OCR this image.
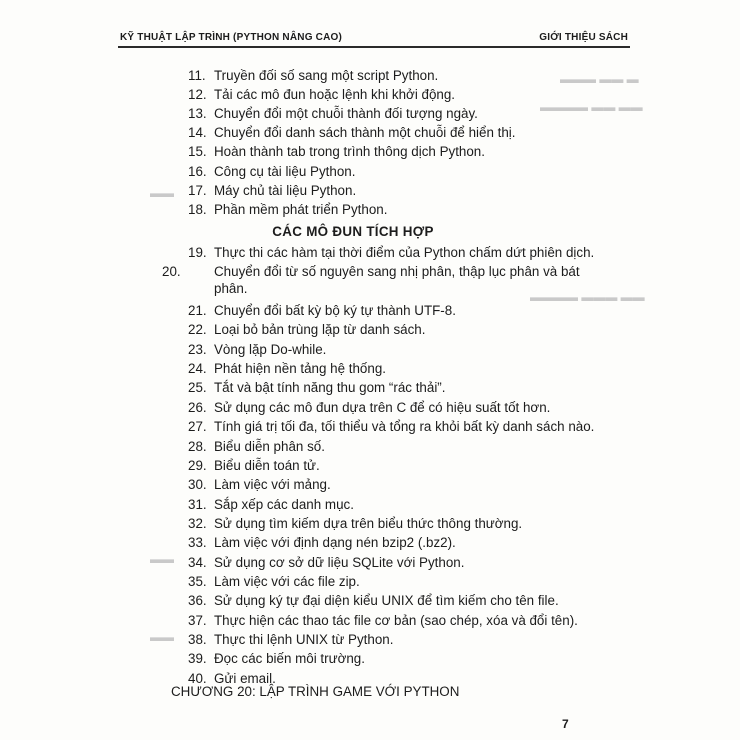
▬▬▬ ▬▬ ▬
▬▬▬▬ ▬▬ ▬▬
▬▬
▬▬▬▬ ▬▬▬ ▬▬
▬▬
▬▬
KỸ THUẬT LẬP TRÌNH (PYTHON NÂNG CAO)	GIỚI THIỆU SÁCH
11. Truyền đối số sang một script Python.
12. Tải các mô đun hoặc lệnh khi khởi động.
13. Chuyển đổi một chuỗi thành đối tượng ngày.
14. Chuyển đổi danh sách thành một chuỗi để hiển thị.
15. Hoàn thành tab trong trình thông dịch Python.
16. Công cụ tài liệu Python.
17. Máy chủ tài liệu Python.
18. Phần mềm phát triển Python.
CÁC MÔ ĐUN TÍCH HỢP
19. Thực thi các hàm tại thời điểm của Python chấm dứt phiên dịch.
20. Chuyển đổi từ số nguyên sang nhị phân, thập lục phân và bát phân.
21. Chuyển đổi bất kỳ bộ ký tự thành UTF-8.
22. Loại bỏ bản trùng lặp từ danh sách.
23. Vòng lặp Do-while.
24. Phát hiện nền tảng hệ thống.
25. Tắt và bật tính năng thu gom “rác thải”.
26. Sử dụng các mô đun dựa trên C để có hiệu suất tốt hơn.
27. Tính giá trị tối đa, tối thiểu và tổng ra khỏi bất kỳ danh sách nào.
28. Biểu diễn phân số.
29. Biểu diễn toán tử.
30. Làm việc với mảng.
31. Sắp xếp các danh mục.
32. Sử dụng tìm kiếm dựa trên biểu thức thông thường.
33. Làm việc với định dạng nén bzip2 (.bz2).
34. Sử dụng cơ sở dữ liệu SQLite với Python.
35. Làm việc với các file zip.
36. Sử dụng ký tự đại diện kiểu UNIX để tìm kiếm cho tên file.
37. Thực hiện các thao tác file cơ bản (sao chép, xóa và đổi tên).
38. Thực thi lệnh UNIX từ Python.
39. Đọc các biến môi trường.
40. Gửi email.
CHƯƠNG 20: LẬP TRÌNH GAME VỚI PYTHON
7
